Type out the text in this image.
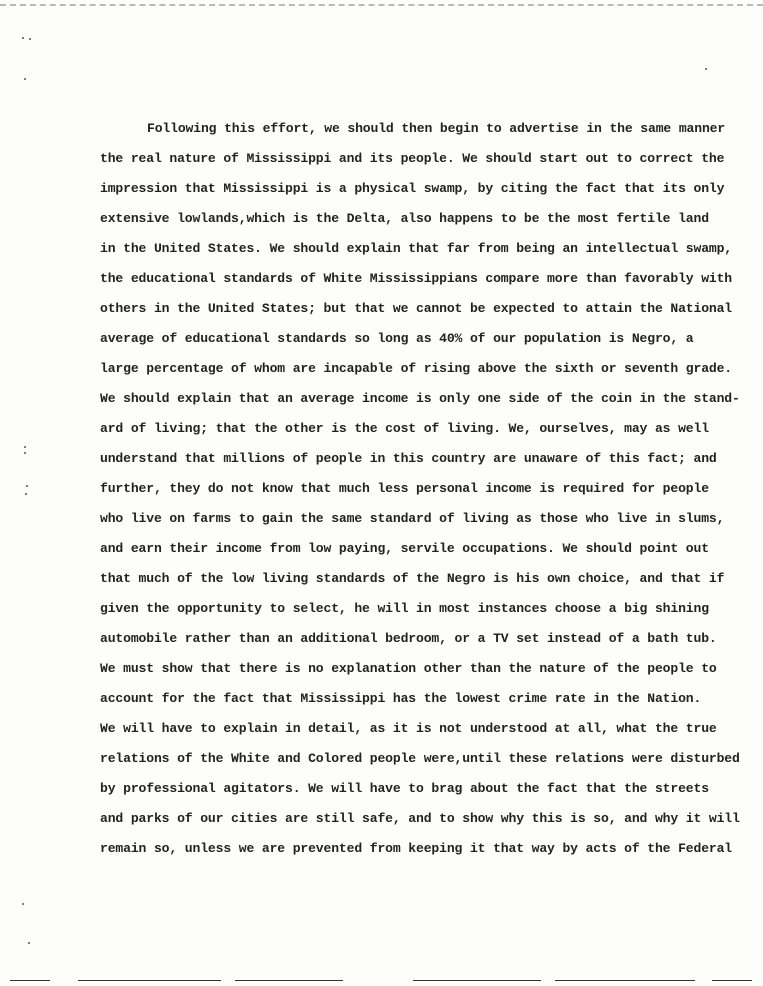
Following this effort, we should then begin to advertise in the same manner
the real nature of Mississippi and its people. We should start out to correct the
impression that Mississippi is a physical swamp, by citing the fact that its only
extensive lowlands,which is the Delta, also happens to be the most fertile land
in the United States. We should explain that far from being an intellectual swamp,
the educational standards of White Mississippians compare more than favorably with
others in the United States; but that we cannot be expected to attain the National
average of educational standards so long as 40% of our population is Negro, a
large percentage of whom are incapable of rising above the sixth or seventh grade.
We should explain that an average income is only one side of the coin in the stand-
ard of living; that the other is the cost of living. We, ourselves, may as well
understand that millions of people in this country are unaware of this fact; and
further, they do not know that much less personal income is required for people
who live on farms to gain the same standard of living as those who live in slums,
and earn their income from low paying, servile occupations. We should point out
that much of the low living standards of the Negro is his own choice, and that if
given the opportunity to select, he will in most instances choose a big shining
automobile rather than an additional bedroom, or a TV set instead of a bath tub.
We must show that there is no explanation other than the nature of the people to
account for the fact that Mississippi has the lowest crime rate in the Nation.
We will have to explain in detail, as it is not understood at all, what the true
relations of the White and Colored people were,until these relations were disturbed
by professional agitators. We will have to brag about the fact that the streets
and parks of our cities are still safe, and to show why this is so, and why it will
remain so, unless we are prevented from keeping it that way by acts of the Federal
